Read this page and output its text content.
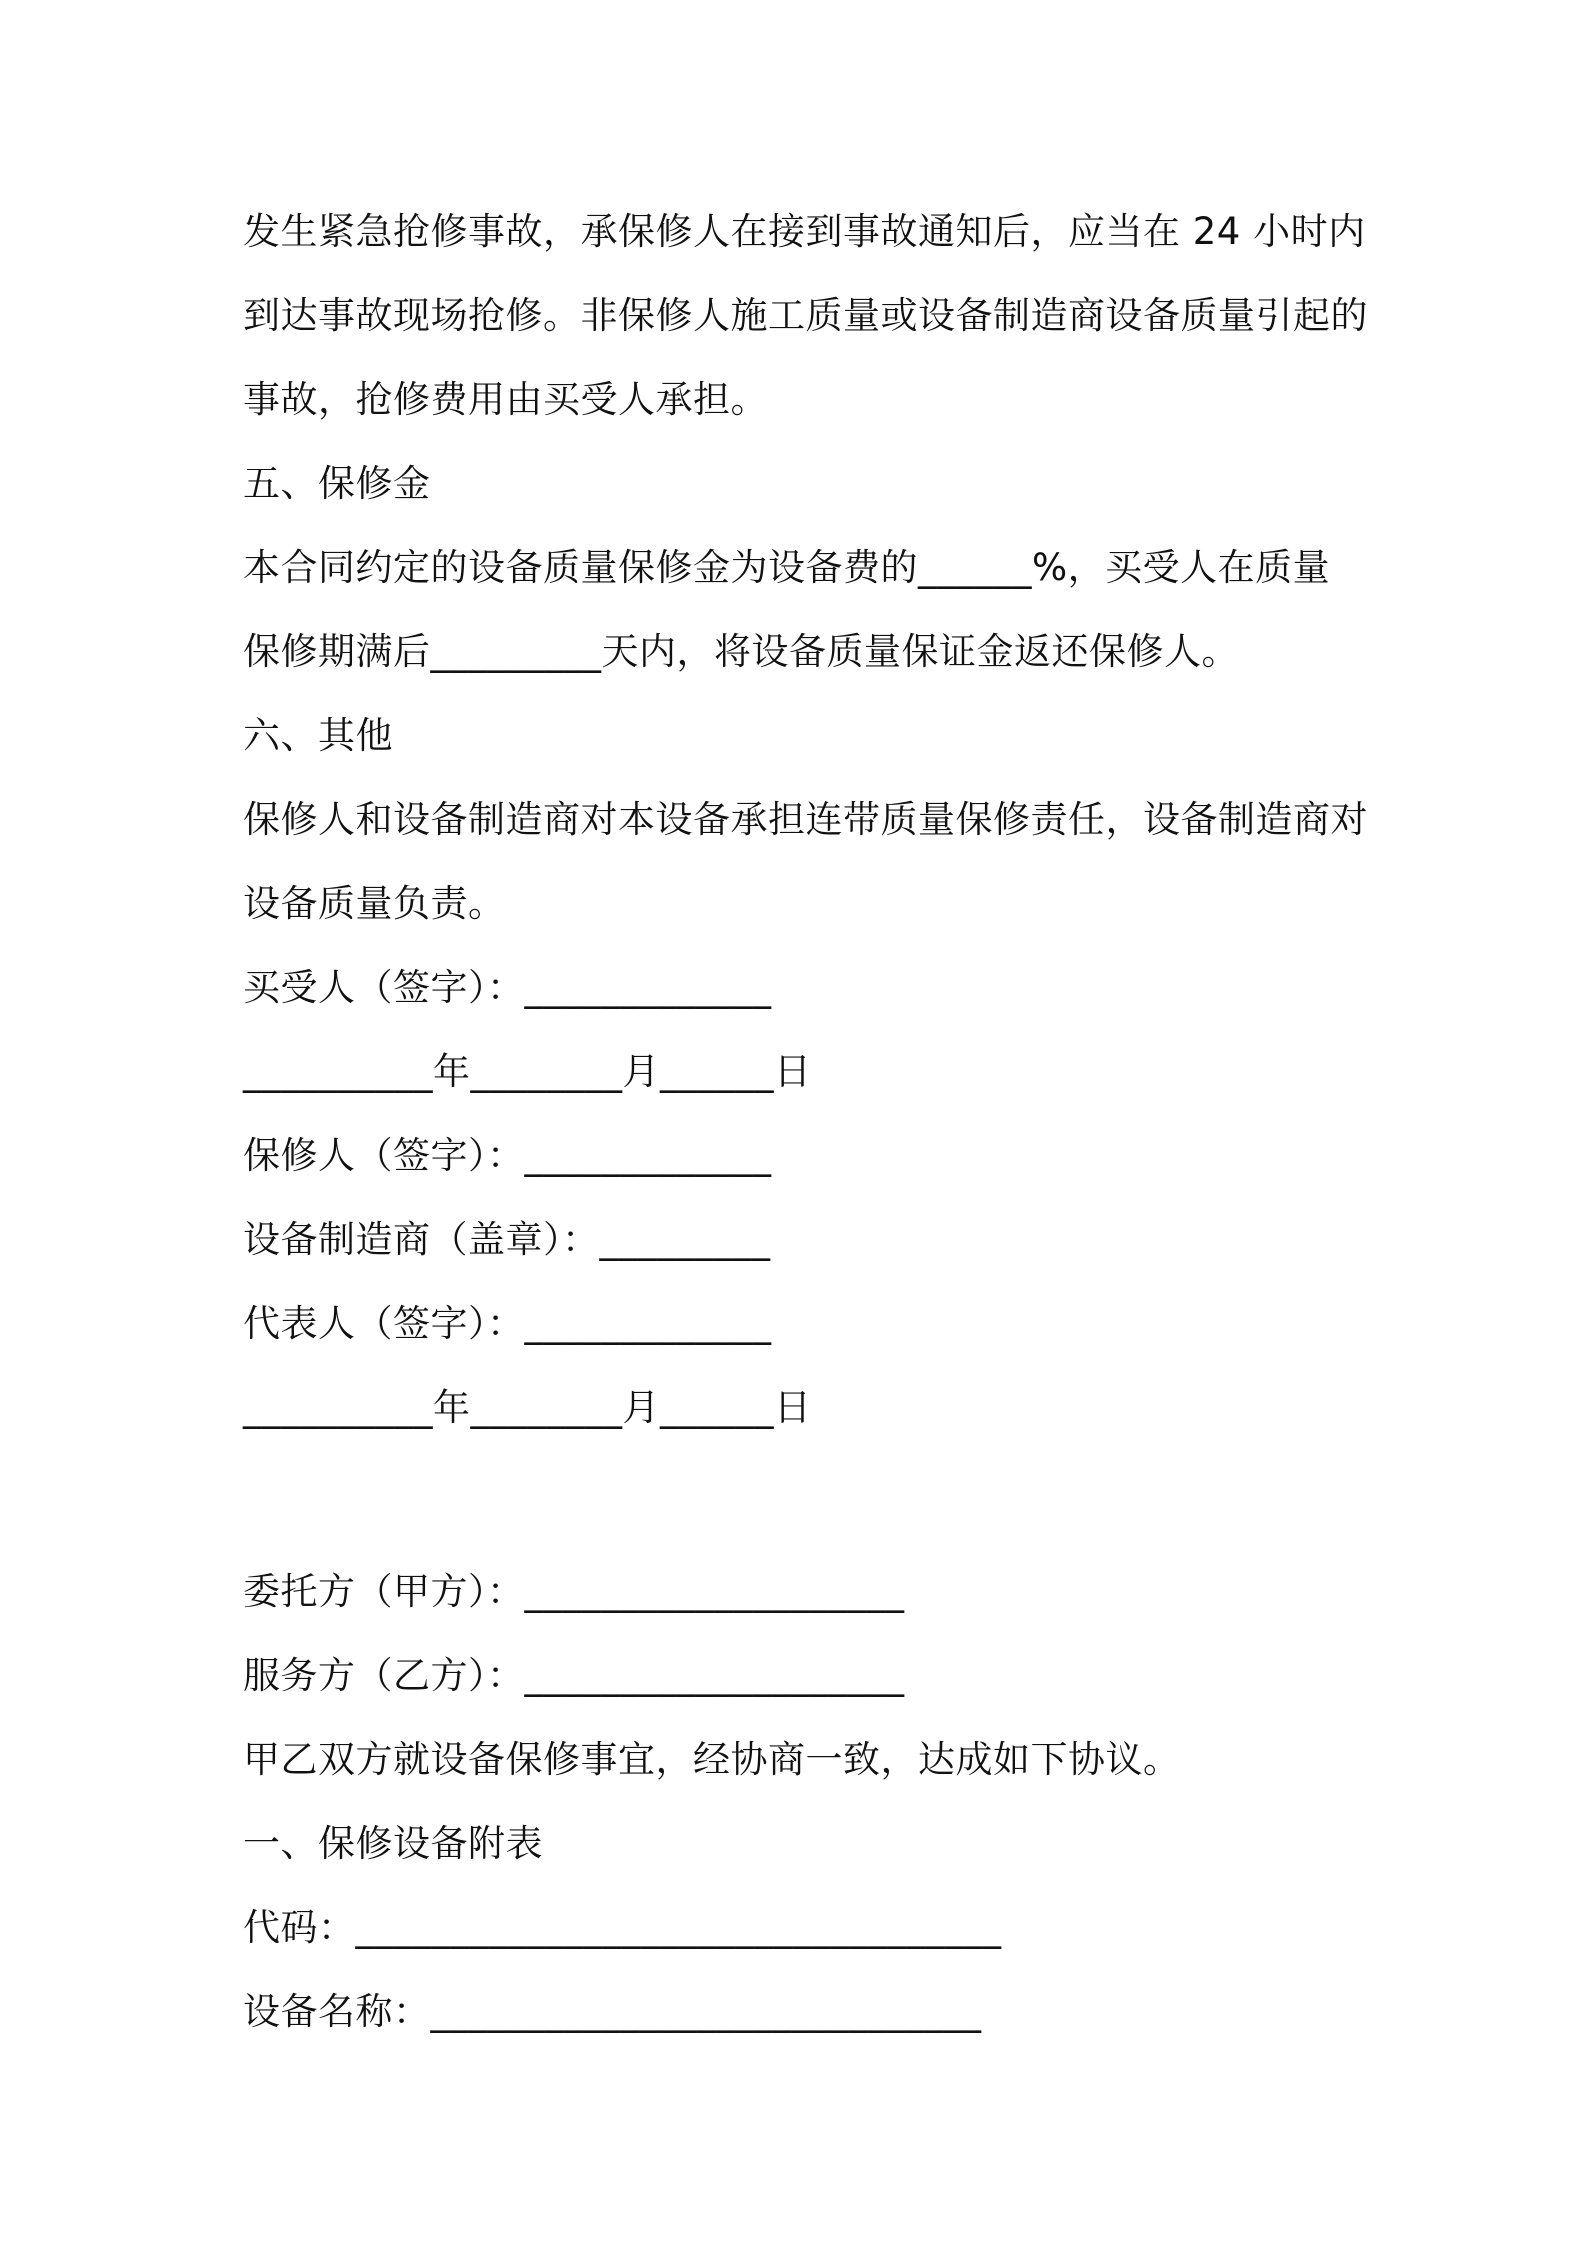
发生紧急抢修事故，承保修人在接到事故通知后，应当在 24 小时内
到达事故现场抢修。非保修人施工质量或设备制造商设备质量引起的
事故，抢修费用由买受人承担。
五、保修金
本合同约定的设备质量保修金为设备费的______%，买受人在质量
保修期满后_________天内，将设备质量保证金返还保修人。
六、其他
保修人和设备制造商对本设备承担连带质量保修责任，设备制造商对
设备质量负责。
买受人（签字）：_____________
__________年________月______日
保修人（签字）：_____________
设备制造商（盖章）：_________
代表人（签字）：_____________
__________年________月______日
委托方（甲方）：____________________
服务方（乙方）：____________________
甲乙双方就设备保修事宜，经协商一致，达成如下协议。
一、保修设备附表
代码：__________________________________
设备名称：_____________________________
